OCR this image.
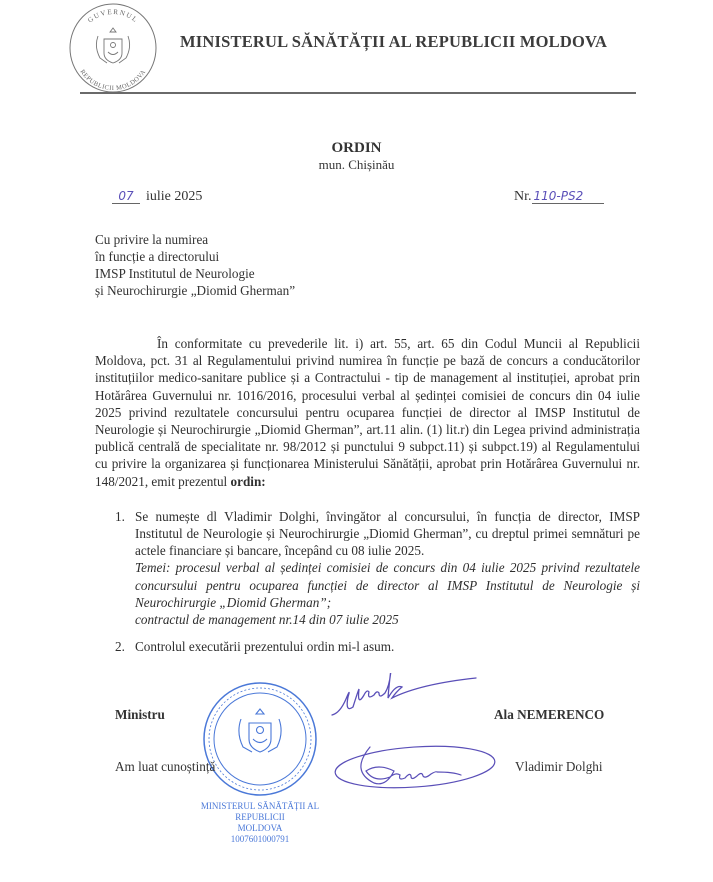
GUVERNUL
REPUBLICII MOLDOVA
MINISTERUL SĂNĂTĂȚII AL REPUBLICII MOLDOVA
ORDIN
mun. Chișinău
07 iulie 2025	Nr. 110-PS2
Cu privire la numirea
în funcție a directorului
IMSP Institutul de Neurologie
și Neurochirurgie „Diomid Gherman”
În conformitate cu prevederile lit. i) art. 55, art. 65 din Codul Muncii al Republicii Moldova, pct. 31 al Regulamentului privind numirea în funcție pe bază de concurs a conducătorilor instituțiilor medico-sanitare publice și a Contractului - tip de management al instituției, aprobat prin Hotărârea Guvernului nr. 1016/2016, procesului verbal al ședinței comisiei de concurs din 04 iulie 2025 privind rezultatele concursului pentru ocuparea funcției de director al IMSP Institutul de Neurologie și Neurochirurgie „Diomid Gherman”, art.11 alin. (1) lit.r) din Legea privind administrația publică centrală de specialitate nr. 98/2012 și punctului 9 subpct.11) și subpct.19) al Regulamentului cu privire la organizarea și funcționarea Ministerului Sănătății, aprobat prin Hotărârea Guvernului nr. 148/2021, emit prezentul ordin:
1. Se numește dl Vladimir Dolghi, învingător al concursului, în funcția de director, IMSP Institutul de Neurologie și Neurochirurgie „Diomid Gherman”, cu dreptul primei semnături pe actele financiare și bancare, începând cu 08 iulie 2025.
Temei: procesul verbal al ședinței comisiei de concurs din 04 iulie 2025 privind rezultatele concursului pentru ocuparea funcției de director al IMSP Institutul de Neurologie și Neurochirurgie „Diomid Gherman”;
contractul de management nr.14 din 07 iulie 2025
2. Controlul executării prezentului ordin mi-l asum.
Ministru	Ala NEMERENCO
Am luat cunoștință	Vladimir Dolghi
MINISTERUL SĂNĂTĂȚII AL REPUBLICII
MOLDOVA
1007601000791
